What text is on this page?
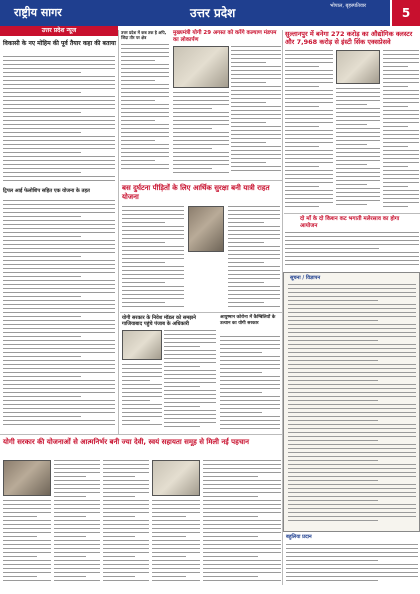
राष्ट्रीय सागर	उत्तर प्रदेश	भोपाल, बृहस्पतिवार	5
उत्तर प्रदेश न्यूज
विकासी के नए मोहिम की पूर्व तैयार कहा की बताया
ट्रिपल आई फेलोशिप सहित एक योजना के तहत
उत्तर प्रदेश में कब तक है अपि, जिंदा तीर पर क्षेत्र
मुख्यमंत्री योगी 29 अगस्त को करेंगे कल्याण मंडपम का लोकार्पण
बस दुर्घटना पीड़ितों के लिए आर्थिक सुरक्षा बनी यात्री राहत योजना
योगी सरकार के निवेश मॉडल को समझने गाजियाबाद पहुंचे पंजाब के अधिकारी
आयुष्मान कोरोना में कैम्बिलियों के उत्थान का योगी सरकार
सुल्तानपुर में बनेगा 272 करोड़ का औद्योगिक क्लस्टर और 7,968 करोड़ से इंस्टी सिंक एक्सप्रेसवे
दो माँ के दो किशन कट भगाती मलेरसाव का होगा आयोजन
सूचना / विज्ञापन
योगी सरकार की योजनाओं से आत्मनिर्भर बनी ज्या देवी, स्वयं सहायता समूह से मिली नई पहचान
बहुलिया प्रदान
